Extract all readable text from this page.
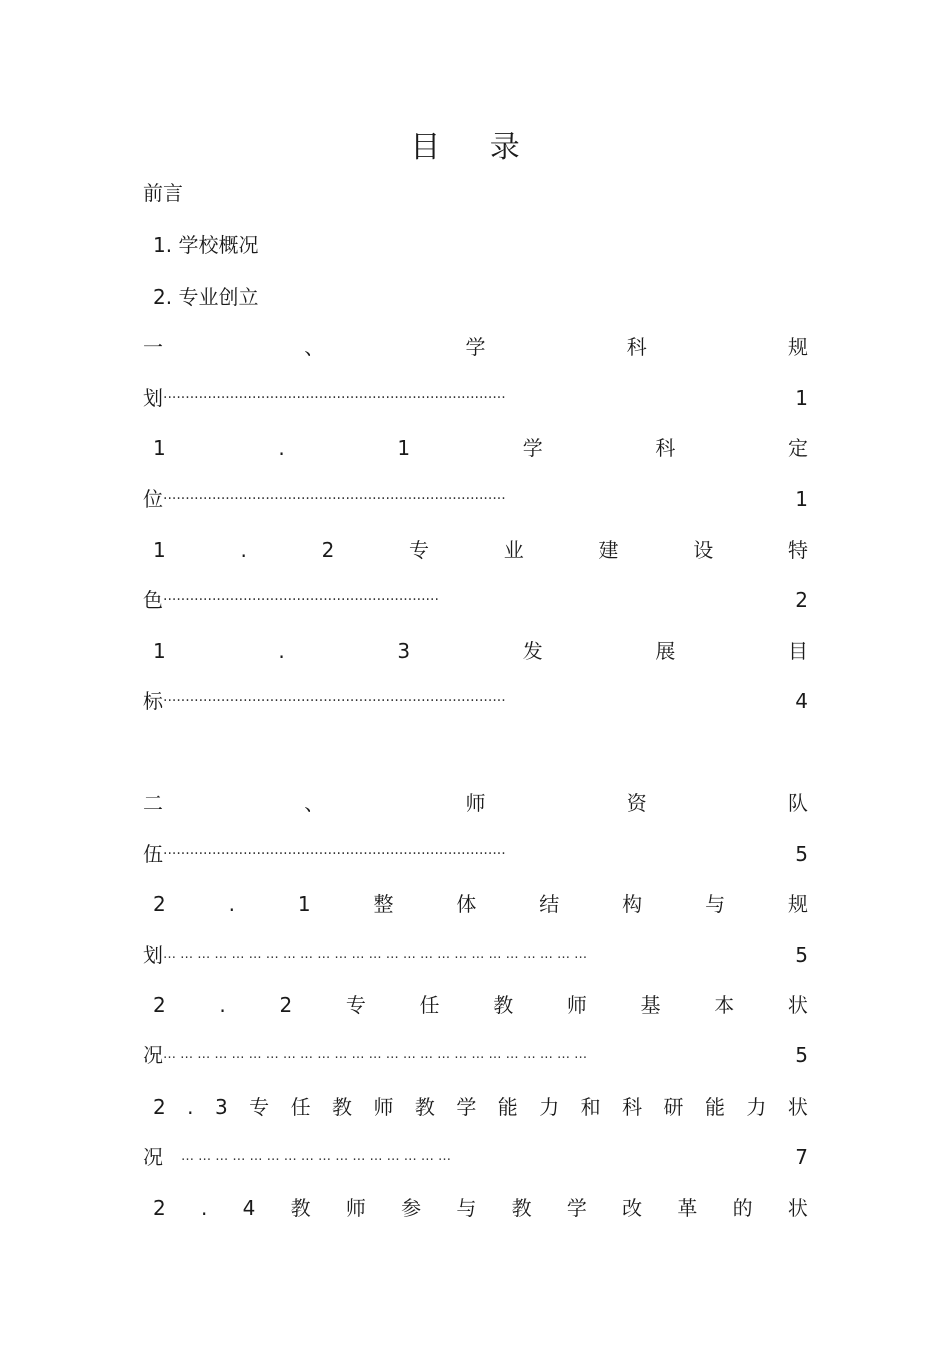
目 录
前言
1. 学校概况
2. 专业创立
一	、	学	科	规
划 ·············································································	1
1	.	1	学	科	定
位 ·············································································	1
1	.	2	专	业	建	设	特
色 ······························································	2
1	.	3	发	展	目
标 ·············································································	4
二	、	师	资	队
伍 ·············································································	5
2	.	1	整	体	结	构	与	规
划 … … … … … … … … … … … … … … … … … … … … … … … … …	5
2	.	2	专	任	教	师	基	本	状
况 … … … … … … … … … … … … … … … … … … … … … … … … …	5
2 . 3 专 任 教 师 教 学 能 力 和 科 研 能 力 状
况 … … … … … … … … … … … … … … … …	7
2 . 4 教 师 参 与 教 学 改 革 的 状
